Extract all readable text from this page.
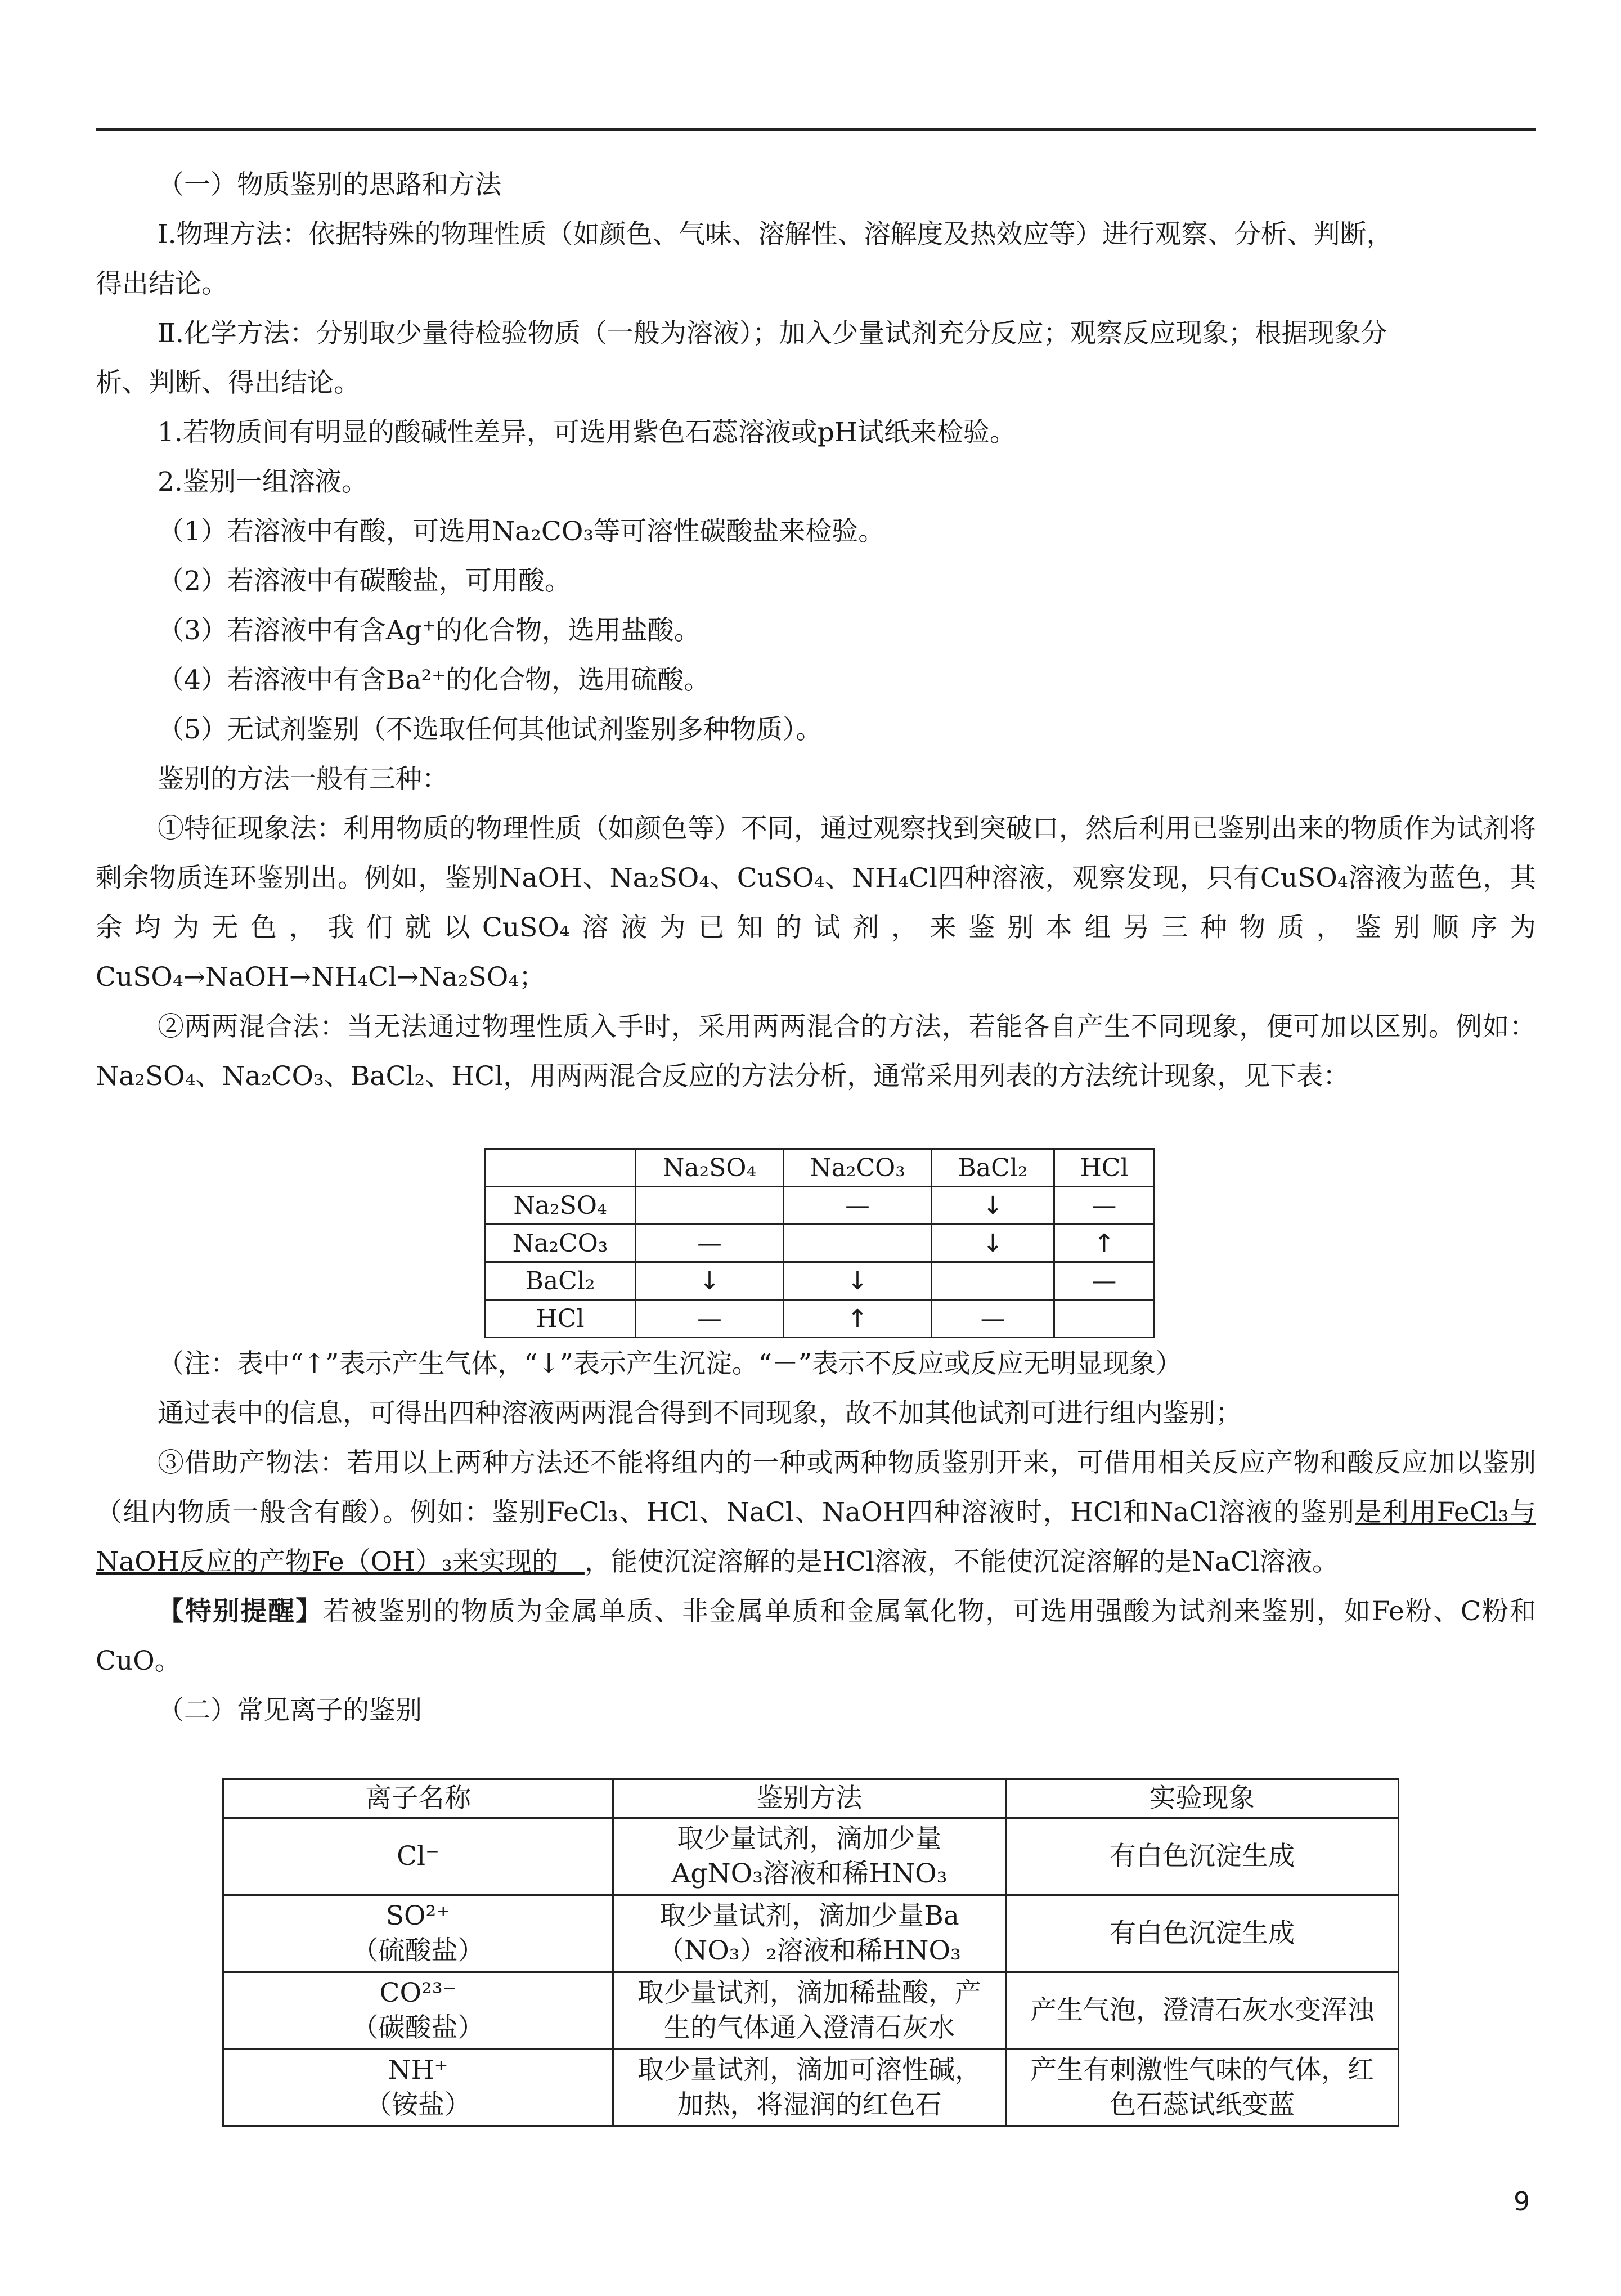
（一）物质鉴别的思路和方法
Ⅰ.物理方法：依据特殊的物理性质（如颜色、气味、溶解性、溶解度及热效应等）进行观察、分析、判断，
得出结论。
Ⅱ.化学方法：分别取少量待检验物质（一般为溶液）；加入少量试剂充分反应；观察反应现象；根据现象分
析、判断、得出结论。
1.若物质间有明显的酸碱性差异，可选用紫色石蕊溶液或pH试纸来检验。
2.鉴别一组溶液。
（1）若溶液中有酸，可选用Na₂CO₃等可溶性碳酸盐来检验。
（2）若溶液中有碳酸盐，可用酸。
（3）若溶液中有含Ag⁺的化合物，选用盐酸。
（4）若溶液中有含Ba²⁺的化合物，选用硫酸。
（5）无试剂鉴别（不选取任何其他试剂鉴别多种物质）。
鉴别的方法一般有三种：
①特征现象法：利用物质的物理性质（如颜色等）不同，通过观察找到突破口，然后利用已鉴别出来的物质作为试剂将剩余物质连环鉴别出。例如，鉴别NaOH、Na₂SO₄、CuSO₄、NH₄Cl四种溶液，观察发现，只有CuSO₄溶液为蓝色，其余均为无色，我们就以CuSO₄溶液为已知的试剂，来鉴别本组另三种物质，鉴别顺序为CuSO₄→NaOH→NH₄Cl→Na₂SO₄；
②两两混合法：当无法通过物理性质入手时，采用两两混合的方法，若能各自产生不同现象，便可加以区别。例如：Na₂SO₄、Na₂CO₃、BaCl₂、HCl，用两两混合反应的方法分析，通常采用列表的方法统计现象，见下表：
	Na₂SO₄	Na₂CO₃	BaCl₂	HCl
Na₂SO₄		—	↓	—
Na₂CO₃	—		↓	↑
BaCl₂	↓	↓		—
HCl	—	↑	—	
（注：表中“↑”表示产生气体，“↓”表示产生沉淀。“－”表示不反应或反应无明显现象）
通过表中的信息，可得出四种溶液两两混合得到不同现象，故不加其他试剂可进行组内鉴别；
③借助产物法：若用以上两种方法还不能将组内的一种或两种物质鉴别开来，可借用相关反应产物和酸反应加以鉴别（组内物质一般含有酸）。例如：鉴别FeCl₃、HCl、NaCl、NaOH四种溶液时，HCl和NaCl溶液的鉴别是利用FeCl₃与NaOH反应的产物Fe（OH）₃来实现的　，能使沉淀溶解的是HCl溶液，不能使沉淀溶解的是NaCl溶液。
【特别提醒】若被鉴别的物质为金属单质、非金属单质和金属氧化物，可选用强酸为试剂来鉴别，如Fe粉、C粉和CuO。
（二）常见离子的鉴别
离子名称	鉴别方法	实验现象

Cl⁻	取少量试剂，滴加少量AgNO₃溶液和稀HNO₃	有白色沉淀生成

SO²⁺
（硫酸盐）	取少量试剂，滴加少量Ba（NO₃）₂溶液和稀HNO₃	有白色沉淀生成

CO²³⁻
（碳酸盐）	取少量试剂，滴加稀盐酸，产生的气体通入澄清石灰水	产生气泡，澄清石灰水变浑浊

NH⁺
（铵盐）	取少量试剂，滴加可溶性碱，加热，将湿润的红色石	产生有刺激性气味的气体，红色石蕊试纸变蓝
9
